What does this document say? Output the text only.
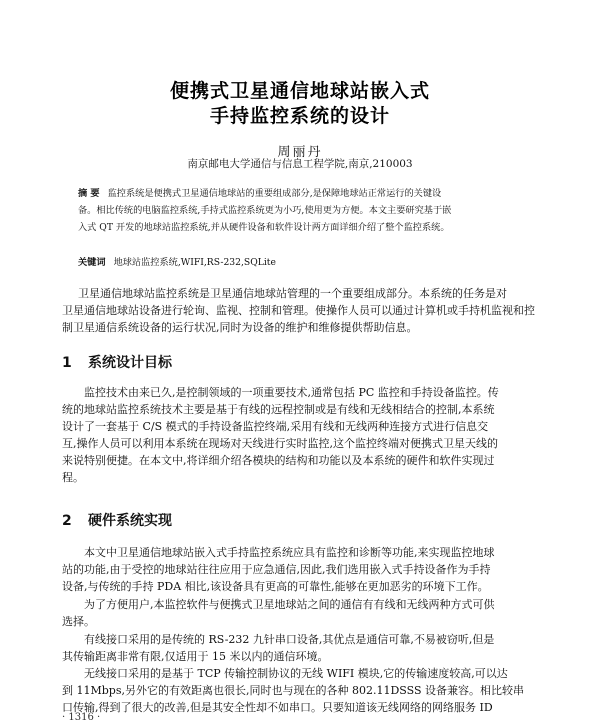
便携式卫星通信地球站嵌入式
手持监控系统的设计
周丽丹
南京邮电大学通信与信息工程学院,南京,210003
摘 要 监控系统是便携式卫星通信地球站的重要组成部分,是保障地球站正常运行的关键设
备。相比传统的电脑监控系统,手持式监控系统更为小巧,使用更为方便。本文主要研究基于嵌
入式 QT 开发的地球站监控系统,并从硬件设备和软件设计两方面详细介绍了整个监控系统。
关键词 地球站监控系统,WIFI,RS-232,SQLite
卫星通信地球站监控系统是卫星通信地球站管理的一个重要组成部分。本系统的任务是对
卫星通信地球站设备进行轮询、监视、控制和管理。使操作人员可以通过计算机或手持机监视和控
制卫星通信系统设备的运行状况,同时为设备的维护和维修提供帮助信息。
1 系统设计目标
监控技术由来已久,是控制领域的一项重要技术,通常包括 PC 监控和手持设备监控。传
统的地球站监控系统技术主要是基于有线的远程控制或是有线和无线相结合的控制,本系统
设计了一套基于 C/S 模式的手持设备监控终端,采用有线和无线两种连接方式进行信息交
互,操作人员可以利用本系统在现场对天线进行实时监控,这个监控终端对便携式卫星天线的
来说特别便捷。在本文中,将详细介绍各模块的结构和功能以及本系统的硬件和软件实现过
程。
2 硬件系统实现
本文中卫星通信地球站嵌入式手持监控系统应具有监控和诊断等功能,来实现监控地球
站的功能,由于受控的地球站往往应用于应急通信,因此,我们选用嵌入式手持设备作为手持
设备,与传统的手持 PDA 相比,该设备具有更高的可靠性,能够在更加恶劣的环境下工作。
为了方便用户,本监控软件与便携式卫星地球站之间的通信有有线和无线两种方式可供
选择。
有线接口采用的是传统的 RS-232 九针串口设备,其优点是通信可靠,不易被窃听,但是
其传输距离非常有限,仅适用于 15 米以内的通信环境。
无线接口采用的是基于 TCP 传输控制协议的无线 WIFI 模块,它的传输速度较高,可以达
到 11Mbps,另外它的有效距离也很长,同时也与现在的各种 802.11DSSS 设备兼容。相比较串
口传输,得到了很大的改善,但是其安全性却不如串口。只要知道该无线网络的网络服务 ID
· 1316 ·
